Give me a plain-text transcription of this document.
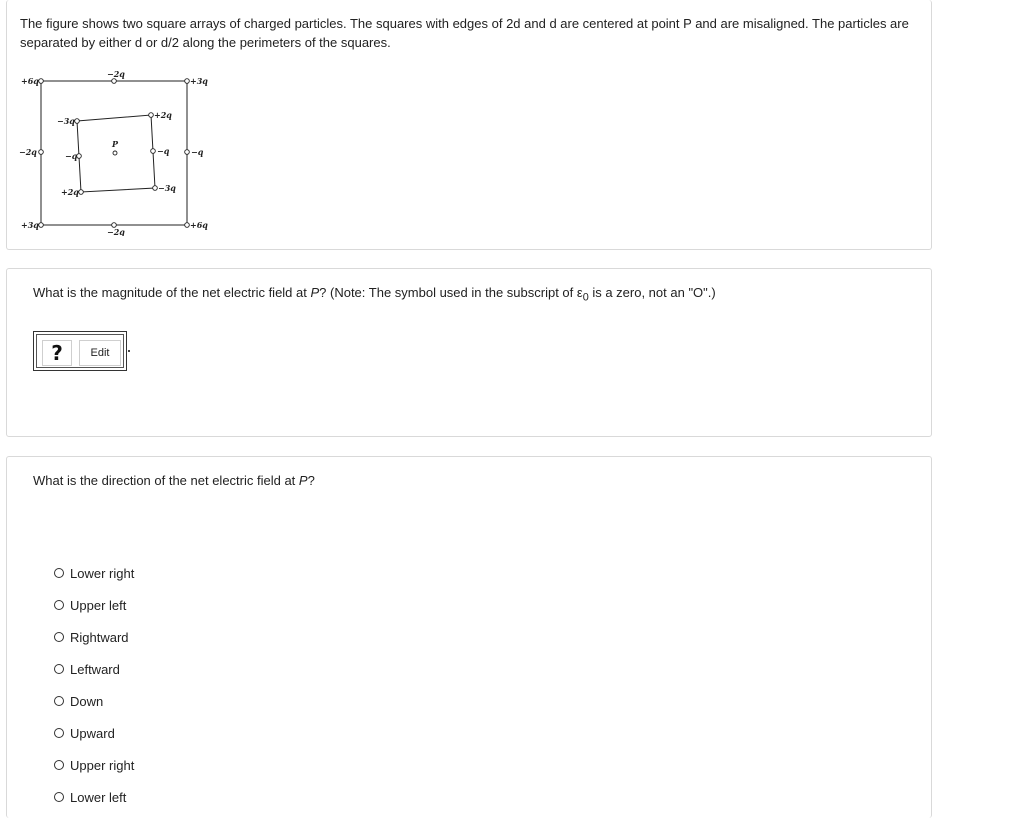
The figure shows two square arrays of charged particles. The squares with edges of 2d and d are centered at point P and are misaligned. The particles are separated by either d or d/2 along the perimeters of the squares.

P
+6q
−2q
+3q
−2q	−q
+3q
−2q
+6q
−3q
+2q
−q	−q
+2q	−3q

What is the magnitude of the net electric field at P? (Note: The symbol used in the subscript of $\varepsilon_0$ is a zero, not an "O".)

?	Edit

What is the direction of the net electric field at P?

Lower right
Upper left
Rightward
Leftward
Down
Upward
Upper right
Lower left
